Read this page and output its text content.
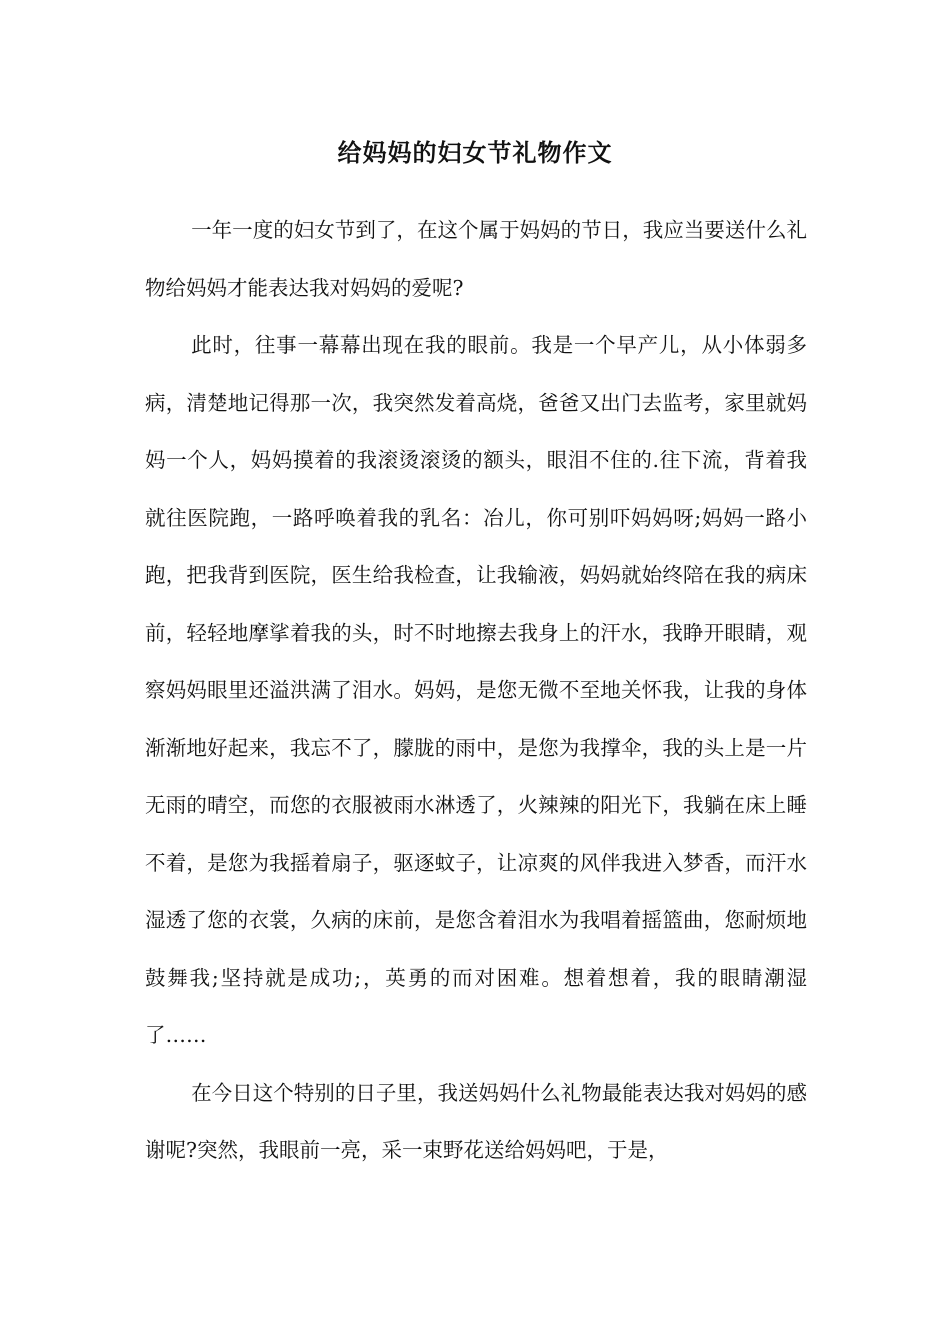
给妈妈的妇女节礼物作文

一年一度的妇女节到了，在这个属于妈妈的节日，我应当要送什么礼物给妈妈才能表达我对妈妈的爱呢?

此时，往事一幕幕出现在我的眼前。我是一个早产儿，从小体弱多病，清楚地记得那一次，我突然发着高烧，爸爸又出门去监考，家里就妈妈一个人，妈妈摸着的我滚烫滚烫的额头，眼泪不住的.往下流，背着我就往医院跑，一路呼唤着我的乳名：冶儿，你可别吓妈妈呀;妈妈一路小跑，把我背到医院，医生给我检查，让我输液，妈妈就始终陪在我的病床前，轻轻地摩挲着我的头，时不时地擦去我身上的汗水，我睁开眼睛，观察妈妈眼里还溢洪满了泪水。妈妈，是您无微不至地关怀我，让我的身体渐渐地好起来，我忘不了，朦胧的雨中，是您为我撑伞，我的头上是一片无雨的晴空，而您的衣服被雨水淋透了，火辣辣的阳光下，我躺在床上睡不着，是您为我摇着扇子，驱逐蚊子，让凉爽的风伴我进入梦香，而汗水湿透了您的衣裳，久病的床前，是您含着泪水为我唱着摇篮曲，您耐烦地鼓舞我;坚持就是成功;，英勇的而对困难。想着想着，我的眼睛潮湿了……

在今日这个特别的日子里，我送妈妈什么礼物最能表达我对妈妈的感谢呢?突然，我眼前一亮，采一束野花送给妈妈吧，于是，
